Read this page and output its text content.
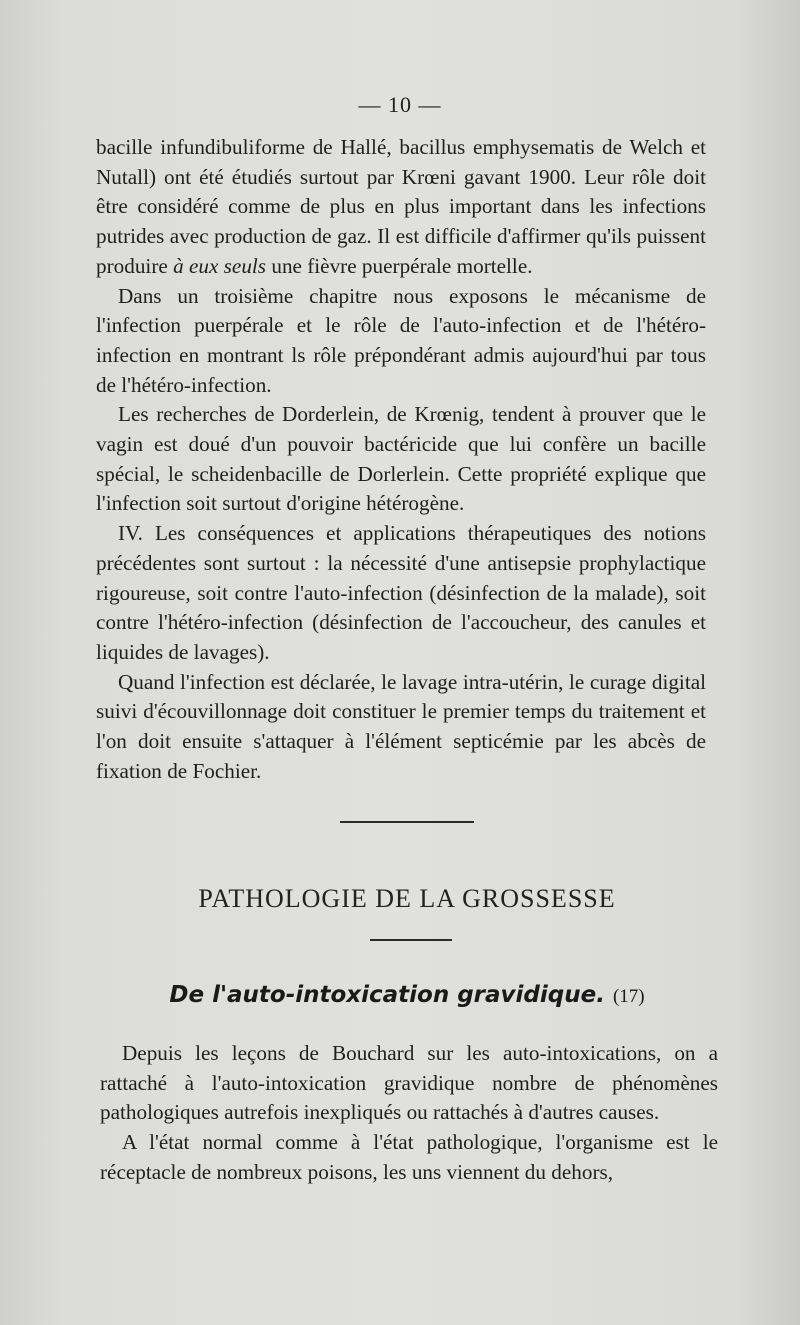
— 10 —

bacille infundibuliforme de Hallé, bacillus emphysematis de Welch et Nutall) ont été étudiés surtout par Krœni gavant 1900. Leur rôle doit être considéré comme de plus en plus important dans les infections putrides avec production de gaz. Il est difficile d'affirmer qu'ils puissent produire à eux seuls une fièvre puerpérale mortelle.

Dans un troisième chapitre nous exposons le mécanisme de l'infection puerpérale et le rôle de l'auto-infection et de l'hétéro-infection en montrant ls rôle prépondérant admis aujourd'hui par tous de l'hétéro-infection.

Les recherches de Dorderlein, de Krœnig, tendent à prouver que le vagin est doué d'un pouvoir bactéricide que lui confère un bacille spécial, le scheidenbacille de Dorlerlein. Cette propriété explique que l'infection soit surtout d'origine hétérogène.

IV. Les conséquences et applications thérapeutiques des notions précédentes sont surtout : la nécessité d'une antisepsie prophylactique rigoureuse, soit contre l'auto-infection (désinfection de la malade), soit contre l'hétéro-infection (désinfection de l'accoucheur, des canules et liquides de lavages).

Quand l'infection est déclarée, le lavage intra-utérin, le curage digital suivi d'écouvillonnage doit constituer le premier temps du traitement et l'on doit ensuite s'attaquer à l'élément septicémie par les abcès de fixation de Fochier.

PATHOLOGIE DE LA GROSSESSE
De l'auto-intoxication gravidique. (17)

Depuis les leçons de Bouchard sur les auto-intoxications, on a rattaché à l'auto-intoxication gravidique nombre de phénomènes pathologiques autrefois inexpliqués ou rattachés à d'autres causes.

A l'état normal comme à l'état pathologique, l'organisme est le réceptacle de nombreux poisons, les uns viennent du dehors,
